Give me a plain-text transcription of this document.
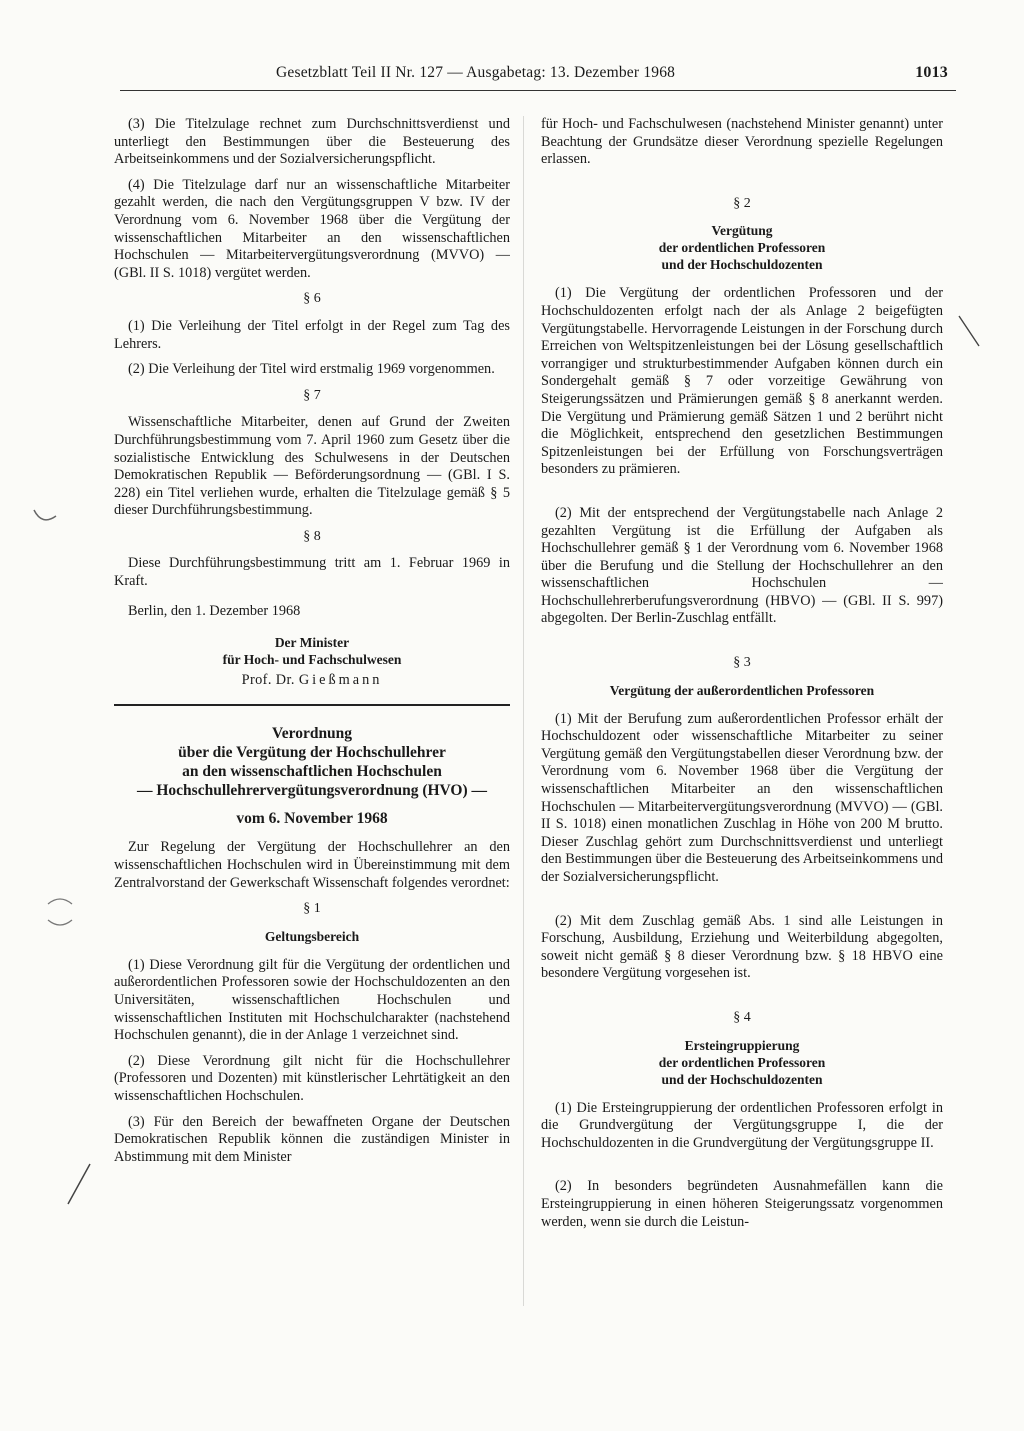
Gesetzblatt Teil II Nr. 127 — Ausgabetag: 13. Dezember 1968	1013

(3) Die Titelzulage rechnet zum Durchschnittsverdienst und unterliegt den Bestimmungen über die Besteuerung des Arbeitseinkommens und der Sozialversicherungspflicht.

(4) Die Titelzulage darf nur an wissenschaftliche Mitarbeiter gezahlt werden, die nach den Vergütungsgruppen V bzw. IV der Verordnung vom 6. November 1968 über die Vergütung der wissenschaftlichen Mitarbeiter an den wissenschaftlichen Hochschulen — Mitarbeitervergütungsverordnung (MVVO) — (GBl. II S. 1018) vergütet werden.

§ 6

(1) Die Verleihung der Titel erfolgt in der Regel zum Tag des Lehrers.

(2) Die Verleihung der Titel wird erstmalig 1969 vorgenommen.

§ 7

Wissenschaftliche Mitarbeiter, denen auf Grund der Zweiten Durchführungsbestimmung vom 7. April 1960 zum Gesetz über die sozialistische Entwicklung des Schulwesens in der Deutschen Demokratischen Republik — Beförderungsordnung — (GBl. I S. 228) ein Titel verliehen wurde, erhalten die Titelzulage gemäß § 5 dieser Durchführungsbestimmung.

§ 8

Diese Durchführungsbestimmung tritt am 1. Februar 1969 in Kraft.

Berlin, den 1. Dezember 1968

Der Minister

für Hoch- und Fachschulwesen

Prof. Dr. Gießmann

Verordnung

über die Vergütung der Hochschullehrer

an den wissenschaftlichen Hochschulen

— Hochschullehrervergütungsverordnung (HVO) —

vom 6. November 1968

Zur Regelung der Vergütung der Hochschullehrer an den wissenschaftlichen Hochschulen wird in Übereinstimmung mit dem Zentralvorstand der Gewerkschaft Wissenschaft folgendes verordnet:

§ 1

Geltungsbereich

(1) Diese Verordnung gilt für die Vergütung der ordentlichen und außerordentlichen Professoren sowie der Hochschuldozenten an den Universitäten, wissenschaftlichen Hochschulen und wissenschaftlichen Instituten mit Hochschulcharakter (nachstehend Hochschulen genannt), die in der Anlage 1 verzeichnet sind.

(2) Diese Verordnung gilt nicht für die Hochschullehrer (Professoren und Dozenten) mit künstlerischer Lehrtätigkeit an den wissenschaftlichen Hochschulen.

(3) Für den Bereich der bewaffneten Organe der Deutschen Demokratischen Republik können die zuständigen Minister in Abstimmung mit dem Minister

für Hoch- und Fachschulwesen (nachstehend Minister genannt) unter Beachtung der Grundsätze dieser Verordnung spezielle Regelungen erlassen.

§ 2

Vergütung

der ordentlichen Professoren

und der Hochschuldozenten

(1) Die Vergütung der ordentlichen Professoren und der Hochschuldozenten erfolgt nach der als Anlage 2 beigefügten Vergütungstabelle. Hervorragende Leistungen in der Forschung durch Erreichen von Weltspitzenleistungen bei der Lösung gesellschaftlich vorrangiger und strukturbestimmender Aufgaben können durch ein Sondergehalt gemäß § 7 oder vorzeitige Gewährung von Steigerungssätzen und Prämierungen gemäß § 8 anerkannt werden. Die Vergütung und Prämierung gemäß Sätzen 1 und 2 berührt nicht die Möglichkeit, entsprechend den gesetzlichen Bestimmungen Spitzenleistungen bei der Erfüllung von Forschungsverträgen besonders zu prämieren.

(2) Mit der entsprechend der Vergütungstabelle nach Anlage 2 gezahlten Vergütung ist die Erfüllung der Aufgaben als Hochschullehrer gemäß § 1 der Verordnung vom 6. November 1968 über die Berufung und die Stellung der Hochschullehrer an den wissenschaftlichen Hochschulen — Hochschullehrerberufungsverordnung (HBVO) — (GBl. II S. 997) abgegolten. Der Berlin-Zuschlag entfällt.

§ 3

Vergütung der außerordentlichen Professoren

(1) Mit der Berufung zum außerordentlichen Professor erhält der Hochschuldozent oder wissenschaftliche Mitarbeiter zu seiner Vergütung gemäß den Vergütungstabellen dieser Verordnung bzw. der Verordnung vom 6. November 1968 über die Vergütung der wissenschaftlichen Mitarbeiter an den wissenschaftlichen Hochschulen — Mitarbeitervergütungsverordnung (MVVO) — (GBl. II S. 1018) einen monatlichen Zuschlag in Höhe von 200 M brutto. Dieser Zuschlag gehört zum Durchschnittsverdienst und unterliegt den Bestimmungen über die Besteuerung des Arbeitseinkommens und der Sozialversicherungspflicht.

(2) Mit dem Zuschlag gemäß Abs. 1 sind alle Leistungen in Forschung, Ausbildung, Erziehung und Weiterbildung abgegolten, soweit nicht gemäß § 8 dieser Verordnung bzw. § 18 HBVO eine besondere Vergütung vorgesehen ist.

§ 4

Ersteingruppierung

der ordentlichen Professoren

und der Hochschuldozenten

(1) Die Ersteingruppierung der ordentlichen Professoren erfolgt in die Grundvergütung der Vergütungsgruppe I, die der Hochschuldozenten in die Grundvergütung der Vergütungsgruppe II.

(2) In besonders begründeten Ausnahmefällen kann die Ersteingruppierung in einen höheren Steigerungssatz vorgenommen werden, wenn sie durch die Leistun-
